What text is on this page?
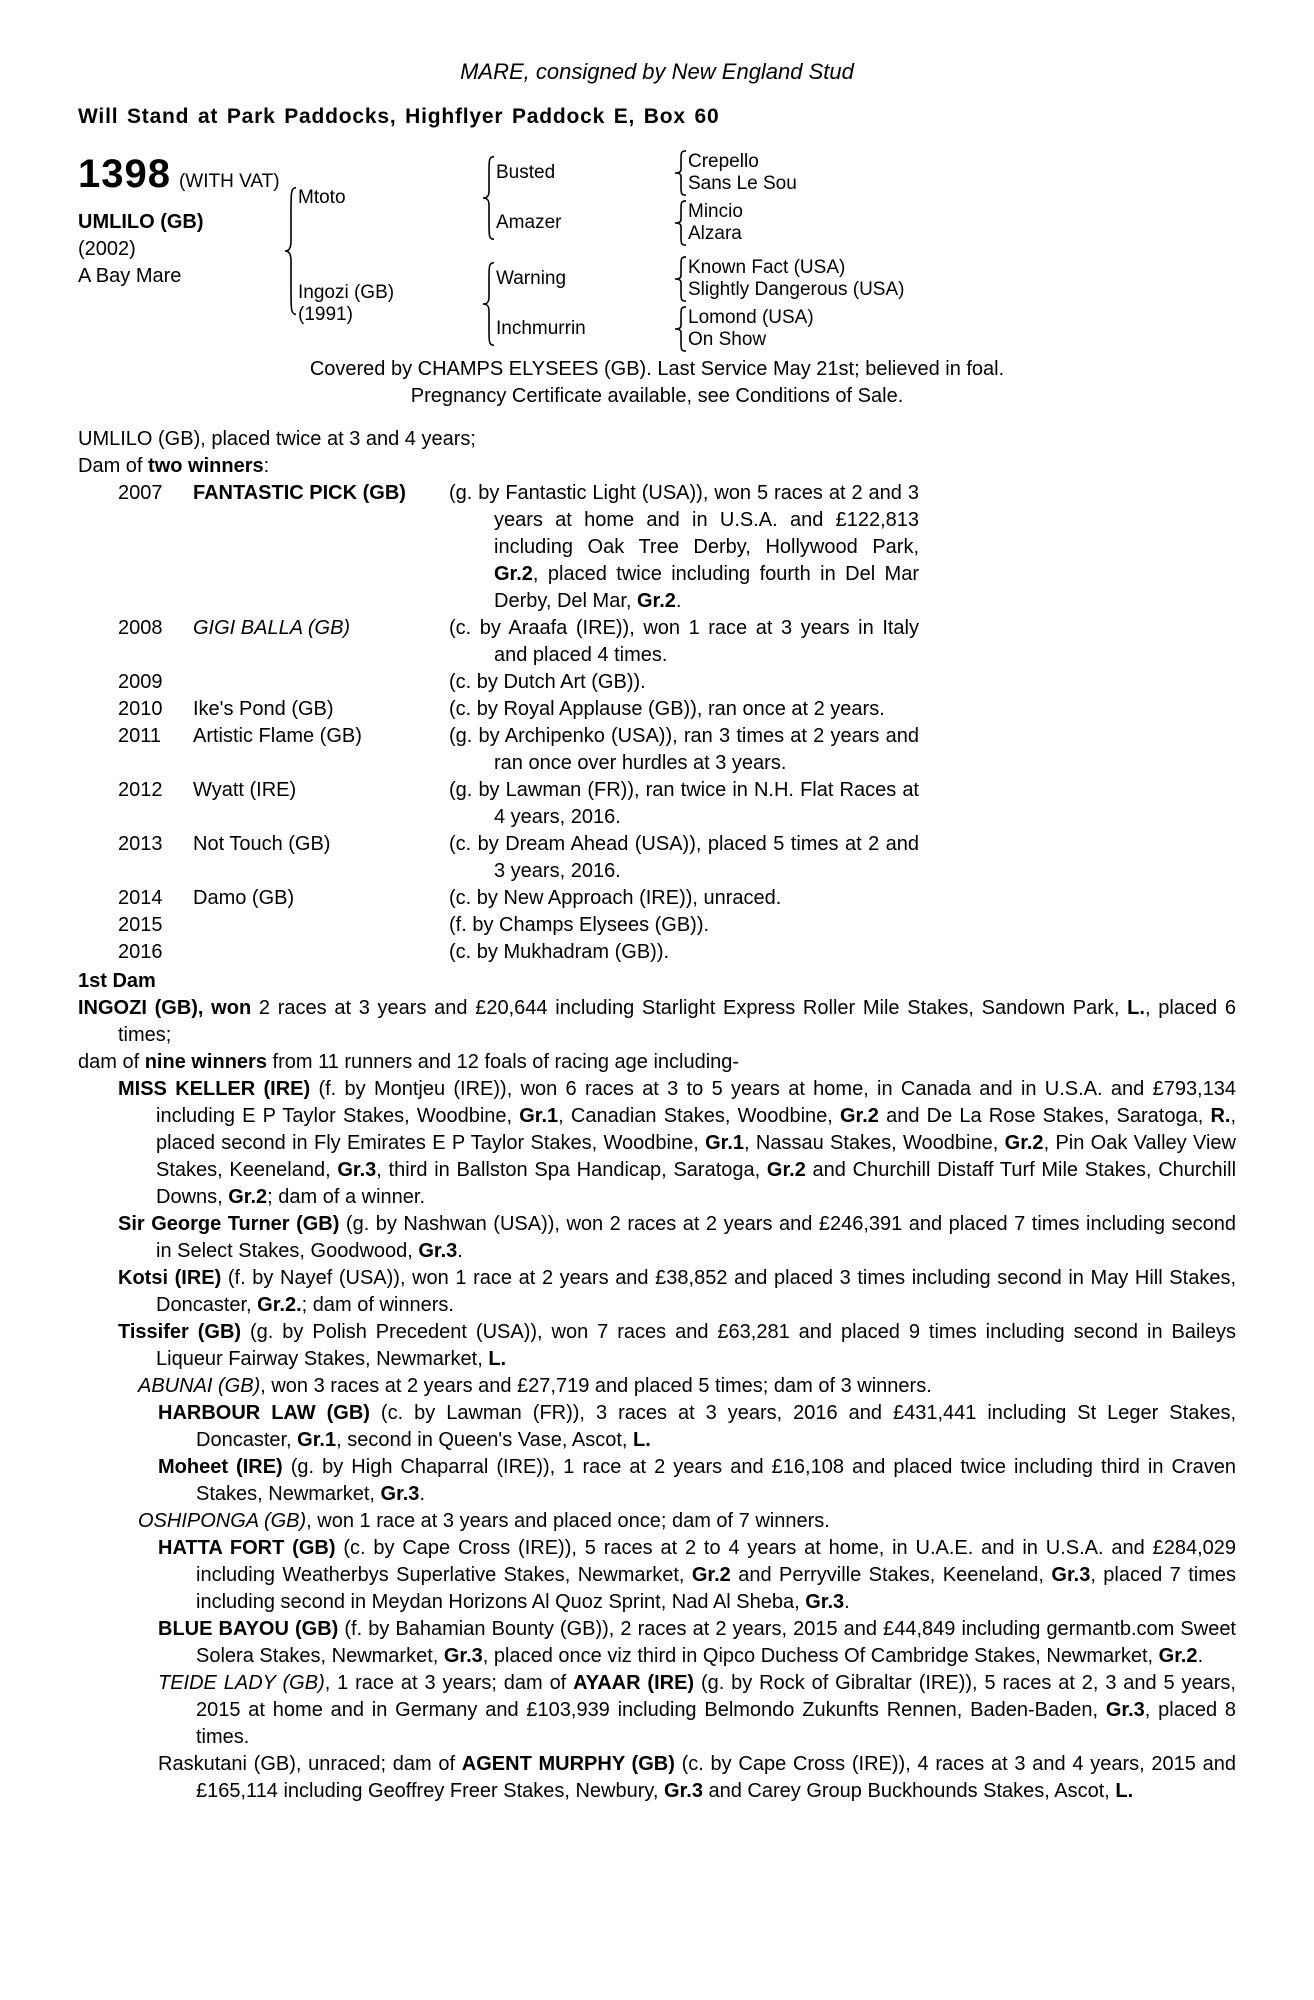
MARE, consigned by New England Stud
Will Stand at Park Paddocks, Highflyer Paddock E, Box 60
1398 (WITH VAT)
UMLILO (GB)
(2002)
A Bay Mare
Mtoto
Busted
Crepello
Sans Le Sou
Amazer
Mincio
Alzara
Ingozi (GB)
(1991)
Warning
Known Fact (USA)
Slightly Dangerous (USA)
Inchmurrin
Lomond (USA)
On Show
Covered by CHAMPS ELYSEES (GB). Last Service May 21st; believed in foal.
Pregnancy Certificate available, see Conditions of Sale.
UMLILO (GB), placed twice at 3 and 4 years;
Dam of two winners:
2007	FANTASTIC PICK (GB)	(g. by Fantastic Light (USA)), won 5 races at 2 and 3 years at home and in U.S.A. and £122,813 including Oak Tree Derby, Hollywood Park, Gr.2, placed twice including fourth in Del Mar Derby, Del Mar, Gr.2.
2008	GIGI BALLA (GB)	(c. by Araafa (IRE)), won 1 race at 3 years in Italy and placed 4 times.
2009	(c. by Dutch Art (GB)).
2010	Ike's Pond (GB)	(c. by Royal Applause (GB)), ran once at 2 years.
2011	Artistic Flame (GB)	(g. by Archipenko (USA)), ran 3 times at 2 years and ran once over hurdles at 3 years.
2012	Wyatt (IRE)	(g. by Lawman (FR)), ran twice in N.H. Flat Races at 4 years, 2016.
2013	Not Touch (GB)	(c. by Dream Ahead (USA)), placed 5 times at 2 and 3 years, 2016.
2014	Damo (GB)	(c. by New Approach (IRE)), unraced.
2015	(f. by Champs Elysees (GB)).
2016	(c. by Mukhadram (GB)).
1st Dam

INGOZI (GB), won 2 races at 3 years and £20,644 including Starlight Express Roller Mile Stakes, Sandown Park, L., placed 6 times;

dam of nine winners from 11 runners and 12 foals of racing age including-

MISS KELLER (IRE) (f. by Montjeu (IRE)), won 6 races at 3 to 5 years at home, in Canada and in U.S.A. and £793,134 including E P Taylor Stakes, Woodbine, Gr.1, Canadian Stakes, Woodbine, Gr.2 and De La Rose Stakes, Saratoga, R., placed second in Fly Emirates E P Taylor Stakes, Woodbine, Gr.1, Nassau Stakes, Woodbine, Gr.2, Pin Oak Valley View Stakes, Keeneland, Gr.3, third in Ballston Spa Handicap, Saratoga, Gr.2 and Churchill Distaff Turf Mile Stakes, Churchill Downs, Gr.2; dam of a winner.

Sir George Turner (GB) (g. by Nashwan (USA)), won 2 races at 2 years and £246,391 and placed 7 times including second in Select Stakes, Goodwood, Gr.3.

Kotsi (IRE) (f. by Nayef (USA)), won 1 race at 2 years and £38,852 and placed 3 times including second in May Hill Stakes, Doncaster, Gr.2.; dam of winners.

Tissifer (GB) (g. by Polish Precedent (USA)), won 7 races and £63,281 and placed 9 times including second in Baileys Liqueur Fairway Stakes, Newmarket, L.

ABUNAI (GB), won 3 races at 2 years and £27,719 and placed 5 times; dam of 3 winners.

HARBOUR LAW (GB) (c. by Lawman (FR)), 3 races at 3 years, 2016 and £431,441 including St Leger Stakes, Doncaster, Gr.1, second in Queen's Vase, Ascot, L.

Moheet (IRE) (g. by High Chaparral (IRE)), 1 race at 2 years and £16,108 and placed twice including third in Craven Stakes, Newmarket, Gr.3.

OSHIPONGA (GB), won 1 race at 3 years and placed once; dam of 7 winners.

HATTA FORT (GB) (c. by Cape Cross (IRE)), 5 races at 2 to 4 years at home, in U.A.E. and in U.S.A. and £284,029 including Weatherbys Superlative Stakes, Newmarket, Gr.2 and Perryville Stakes, Keeneland, Gr.3, placed 7 times including second in Meydan Horizons Al Quoz Sprint, Nad Al Sheba, Gr.3.

BLUE BAYOU (GB) (f. by Bahamian Bounty (GB)), 2 races at 2 years, 2015 and £44,849 including germantb.com Sweet Solera Stakes, Newmarket, Gr.3, placed once viz third in Qipco Duchess Of Cambridge Stakes, Newmarket, Gr.2.

TEIDE LADY (GB), 1 race at 3 years; dam of AYAAR (IRE) (g. by Rock of Gibraltar (IRE)), 5 races at 2, 3 and 5 years, 2015 at home and in Germany and £103,939 including Belmondo Zukunfts Rennen, Baden-Baden, Gr.3, placed 8 times.

Raskutani (GB), unraced; dam of AGENT MURPHY (GB) (c. by Cape Cross (IRE)), 4 races at 3 and 4 years, 2015 and £165,114 including Geoffrey Freer Stakes, Newbury, Gr.3 and Carey Group Buckhounds Stakes, Ascot, L.
